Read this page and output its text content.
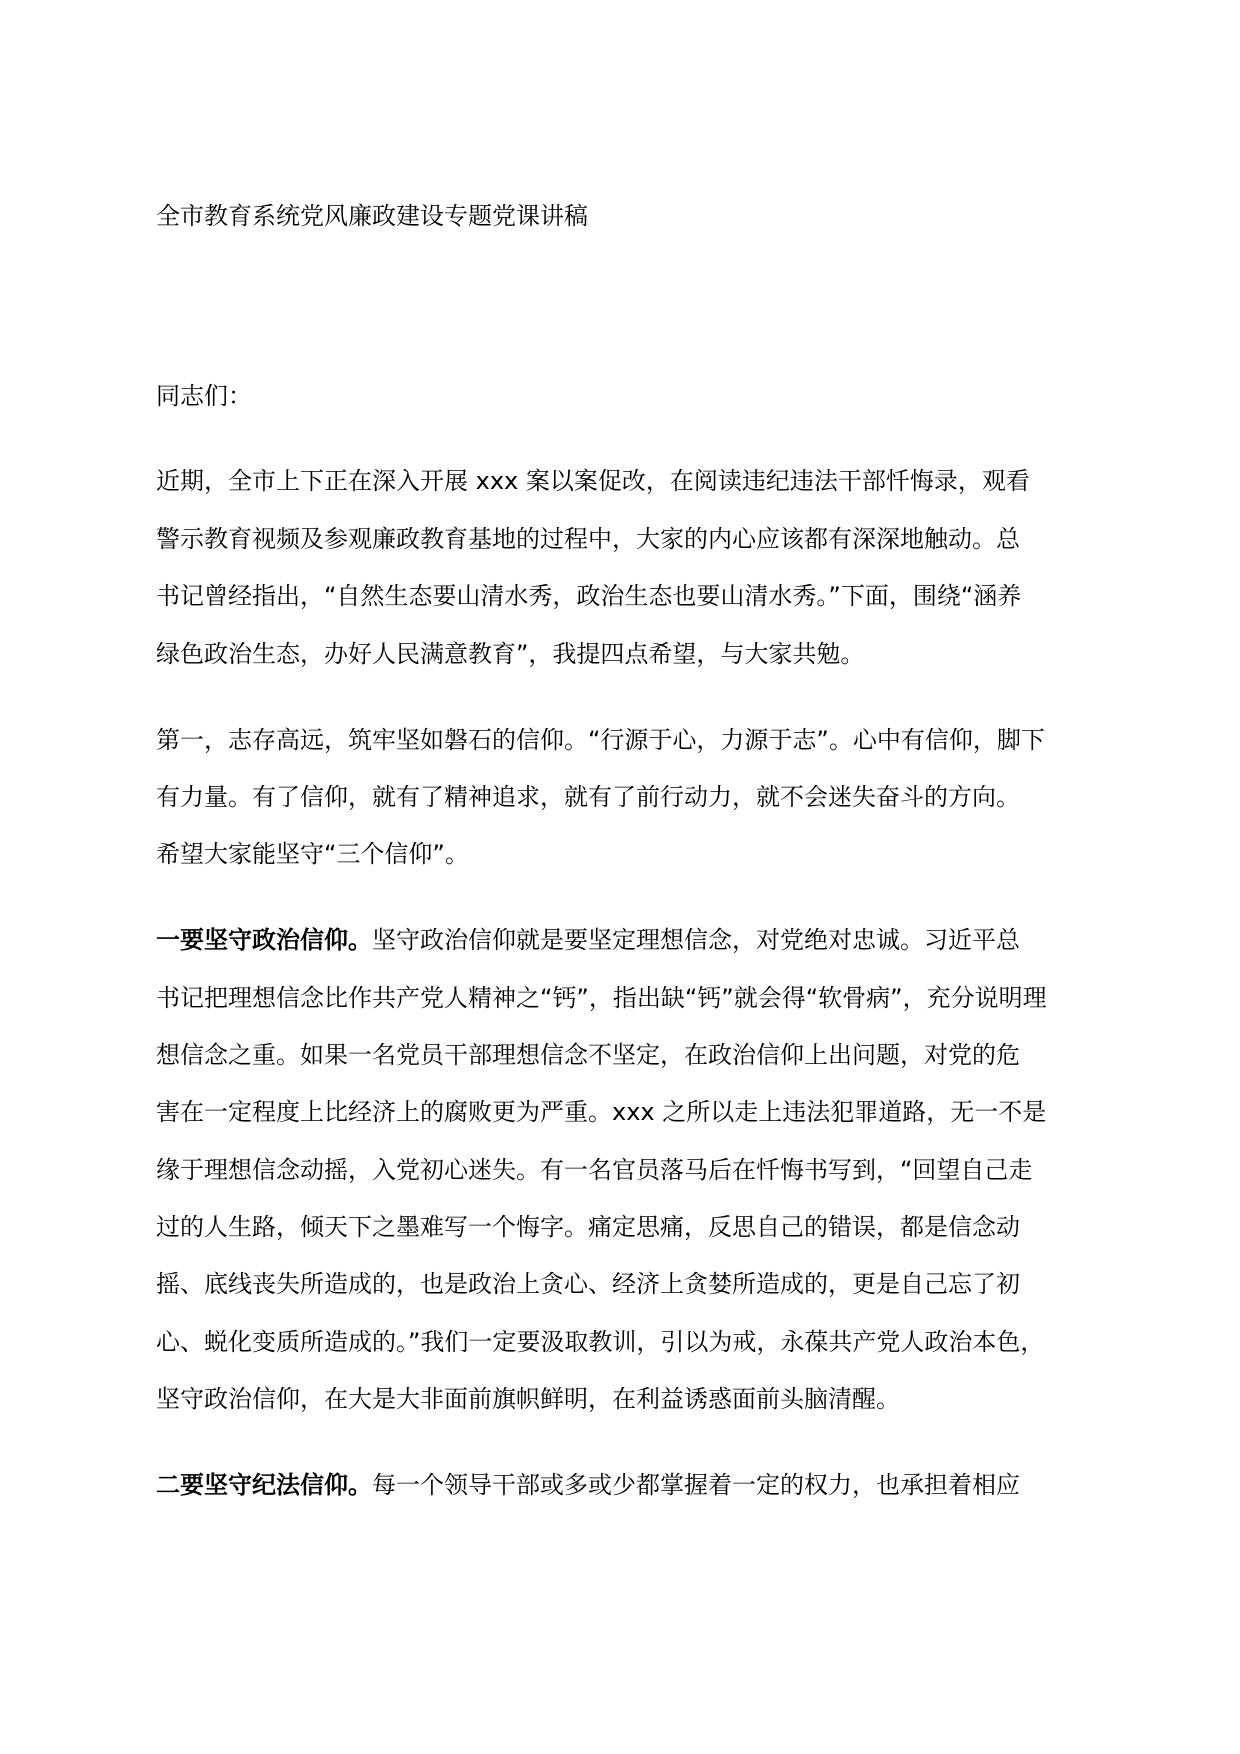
全市教育系统党风廉政建设专题党课讲稿
同志们：
近期，全市上下正在深入开展 xxx 案以案促改，在阅读违纪违法干部忏悔录，观看
警示教育视频及参观廉政教育基地的过程中，大家的内心应该都有深深地触动。总
书记曾经指出，“自然生态要山清水秀，政治生态也要山清水秀。”下面，围绕“涵养
绿色政治生态，办好人民满意教育”，我提四点希望，与大家共勉。
第一，志存高远，筑牢坚如磐石的信仰。“行源于心，力源于志”。心中有信仰，脚下
有力量。有了信仰，就有了精神追求，就有了前行动力，就不会迷失奋斗的方向。
希望大家能坚守“三个信仰”。
一要坚守政治信仰。坚守政治信仰就是要坚定理想信念，对党绝对忠诚。习近平总
书记把理想信念比作共产党人精神之“钙”，指出缺“钙”就会得“软骨病”，充分说明理
想信念之重。如果一名党员干部理想信念不坚定，在政治信仰上出问题，对党的危
害在一定程度上比经济上的腐败更为严重。xxx 之所以走上违法犯罪道路，无一不是
缘于理想信念动摇，入党初心迷失。有一名官员落马后在忏悔书写到，“回望自己走
过的人生路，倾天下之墨难写一个悔字。痛定思痛，反思自己的错误，都是信念动
摇、底线丧失所造成的，也是政治上贪心、经济上贪婪所造成的，更是自己忘了初
心、蜕化变质所造成的。”我们一定要汲取教训，引以为戒，永葆共产党人政治本色，
坚守政治信仰，在大是大非面前旗帜鲜明，在利益诱惑面前头脑清醒。
二要坚守纪法信仰。每一个领导干部或多或少都掌握着一定的权力，也承担着相应
